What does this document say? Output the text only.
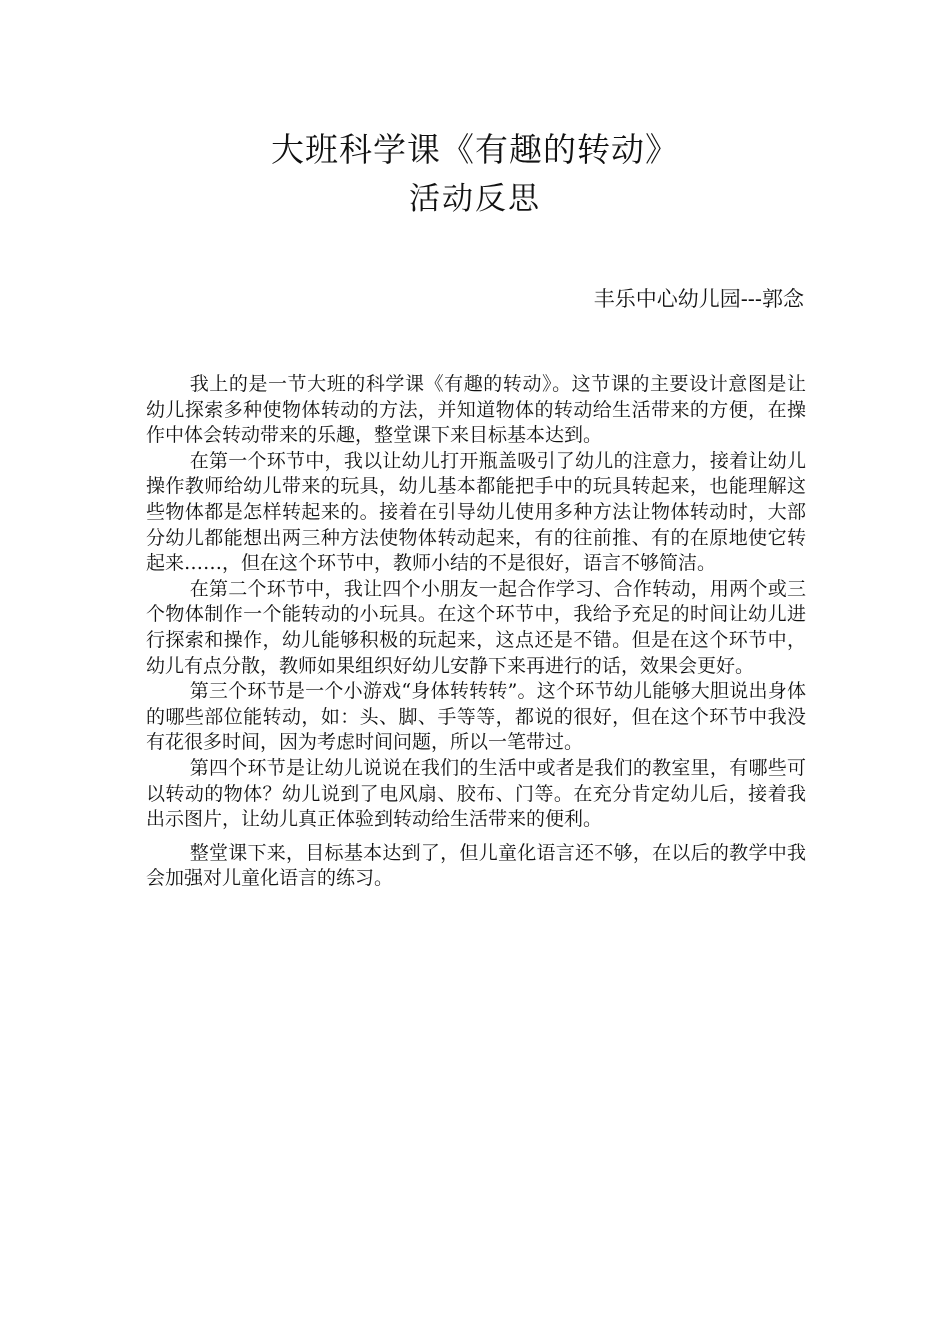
大班科学课《有趣的转动》
活动反思
丰乐中心幼儿园---郭念

我上的是一节大班的科学课《有趣的转动》。这节课的主要设计意图是让幼儿探索多种使物体转动的方法，并知道物体的转动给生活带来的方便，在操作中体会转动带来的乐趣，整堂课下来目标基本达到。

在第一个环节中，我以让幼儿打开瓶盖吸引了幼儿的注意力，接着让幼儿操作教师给幼儿带来的玩具，幼儿基本都能把手中的玩具转起来，也能理解这些物体都是怎样转起来的。接着在引导幼儿使用多种方法让物体转动时，大部分幼儿都能想出两三种方法使物体转动起来，有的往前推、有的在原地使它转起来……，但在这个环节中，教师小结的不是很好，语言不够简洁。

在第二个环节中，我让四个小朋友一起合作学习、合作转动，用两个或三个物体制作一个能转动的小玩具。在这个环节中，我给予充足的时间让幼儿进行探索和操作，幼儿能够积极的玩起来，这点还是不错。但是在这个环节中，幼儿有点分散，教师如果组织好幼儿安静下来再进行的话，效果会更好。

第三个环节是一个小游戏“身体转转转”。这个环节幼儿能够大胆说出身体的哪些部位能转动，如：头、脚、手等等，都说的很好，但在这个环节中我没有花很多时间，因为考虑时间问题，所以一笔带过。

第四个环节是让幼儿说说在我们的生活中或者是我们的教室里，有哪些可以转动的物体？幼儿说到了电风扇、胶布、门等。在充分肯定幼儿后，接着我出示图片，让幼儿真正体验到转动给生活带来的便利。

整堂课下来，目标基本达到了，但儿童化语言还不够，在以后的教学中我会加强对儿童化语言的练习。
